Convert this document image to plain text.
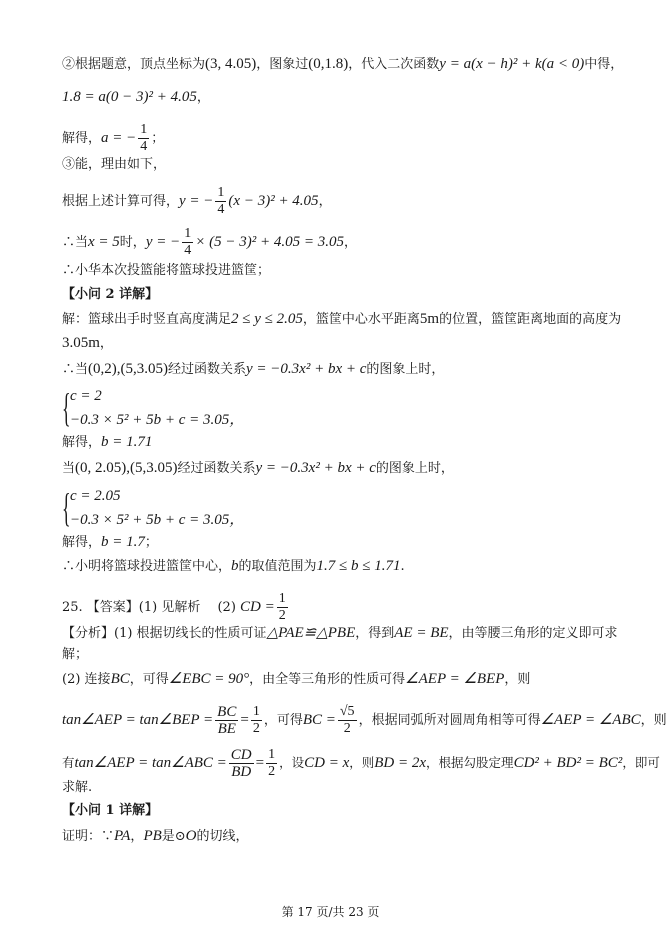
②根据题意，顶点坐标为(3, 4.05)，图象过(0,1.8)，代入二次函数y = a(x − h)² + k(a < 0)中得，
1.8 = a(0 − 3)² + 4.05，
解得，a = − $\frac{1}{4}$ ；
③能，理由如下，
根据上述计算可得，y = − $\frac{1}{4} (x - 3)^2 + 4.05$，
∴当x = 5时，y = − $\frac{1}{4} \times (5 - 3)^2 + 4.05 = 3.05$，
∴小华本次投篮能将篮球投进篮筐；
【小问 2 详解】
解：篮球出手时竖直高度满足2 ≤ y ≤ 2.05，篮筐中心水平距离5m的位置，篮筐距离地面的高度为
3.05m，
∴当(0,2),(5,3.05)经过函数关系y = −0.3x² + bx + c的图象上时，
{ c = 2
−0.3 × 5² + 5b + c = 3.05，
解得，b = 1.71
当(0, 2.05),(5,3.05)经过函数关系y = −0.3x² + bx + c的图象上时，
{ c = 2.05
−0.3 × 5² + 5b + c = 3.05，
解得，b = 1.7；
∴小明将篮球投进篮筐中心，b的取值范围为1.7 ≤ b ≤ 1.71.
25. 【答案】(1) 见解析　 (2) CD = $\frac{1}{2}$
【分析】(1) 根据切线长的性质可证△PAE≌△PBE，得到AE = BE，由等腰三角形的定义即可求
解；
(2) 连接BC，可得∠EBC = 90°，由全等三角形的性质可得∠AEP = ∠BEP，则
tan∠AEP = tan∠BEP = $\frac{BC}{BE} = \frac{1}{2}$ ，可得BC = $\frac{√5}{2}$ ，根据同弧所对圆周角相等可得∠AEP = ∠ABC，则
有tan∠AEP = tan∠ABC = $\frac{CD}{BD} = \frac{1}{2}$ ，设CD = x，则BD = 2x，根据勾股定理CD² + BD² = BC²，即可
求解.
【小问 1 详解】
证明：∵PA，PB是⊙O的切线，
第 17 页/共 23 页
